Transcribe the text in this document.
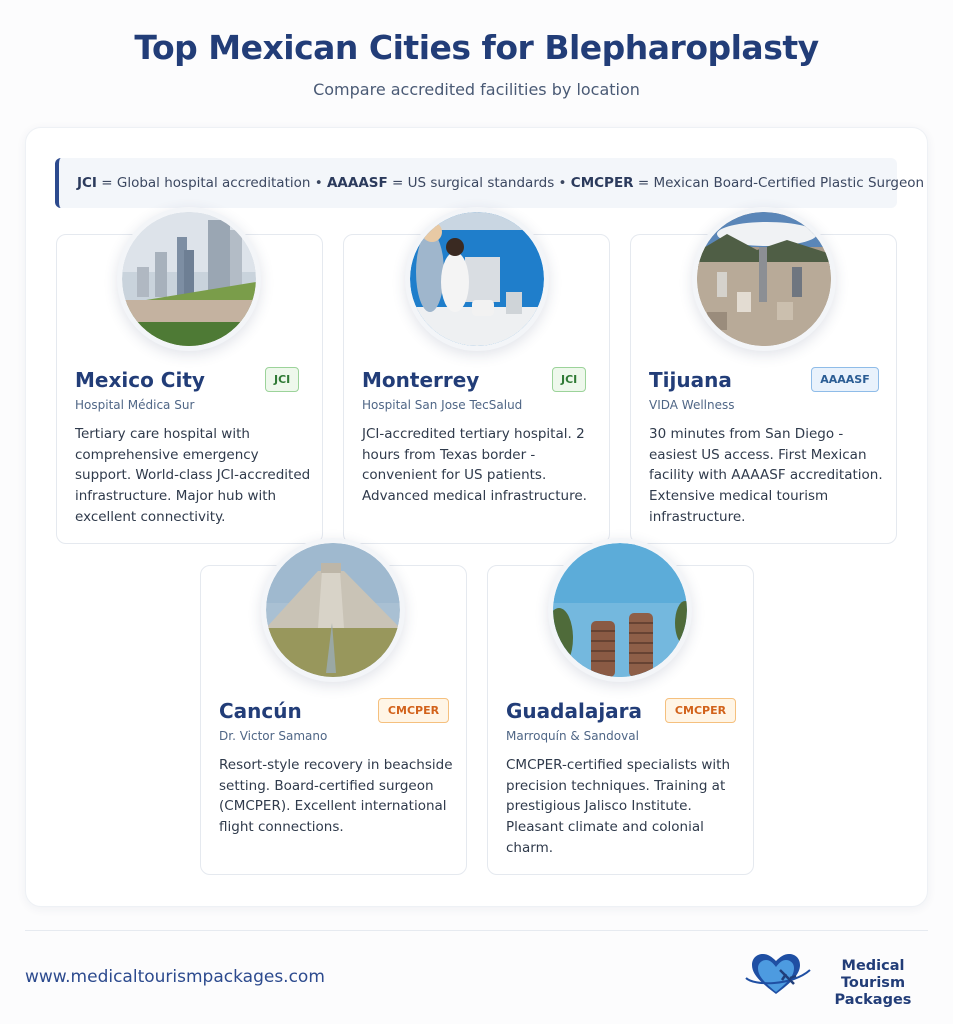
Top Mexican Cities for Blepharoplasty
Compare accredited facilities by location
JCI = Global hospital accreditation • AAAASF = US surgical standards • CMCPER = Mexican Board-Certified Plastic Surgeon
Mexico City	JCI
Hospital Médica Sur
Tertiary care hospital with comprehensive emergency support. World-class JCI-accredited infrastructure. Major hub with excellent connectivity.
Monterrey	JCI
Hospital San Jose TecSalud
JCI-accredited tertiary hospital. 2 hours from Texas border - convenient for US patients. Advanced medical infrastructure.
Tijuana	AAAASF
VIDA Wellness
30 minutes from San Diego - easiest US access. First Mexican facility with AAAASF accreditation. Extensive medical tourism infrastructure.
Cancún	CMCPER
Dr. Victor Samano
Resort-style recovery in beachside setting. Board-certified surgeon (CMCPER). Excellent international flight connections.
Guadalajara	CMCPER
Marroquín & Sandoval
CMCPER-certified specialists with precision techniques. Training at prestigious Jalisco Institute. Pleasant climate and colonial charm.
www.medicaltourismpackages.com
Medical Tourism
Packages
